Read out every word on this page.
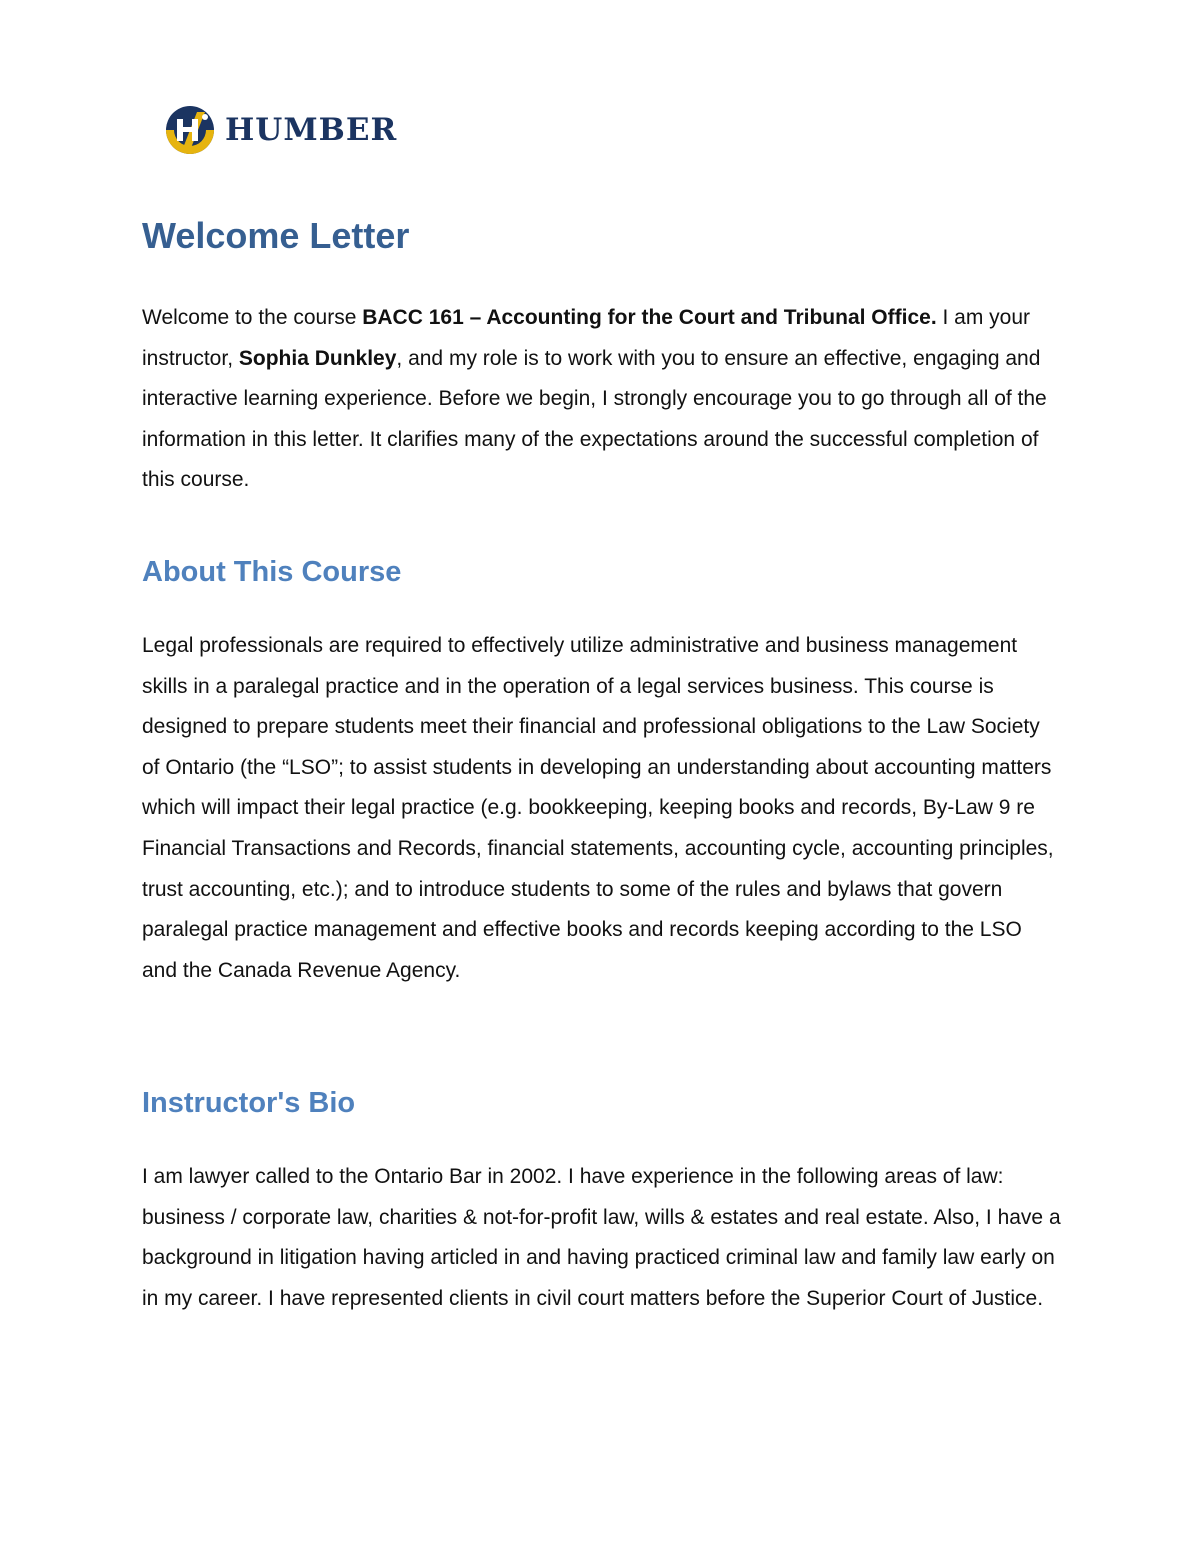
HUMBER
Welcome Letter

Welcome to the course BACC 161 – Accounting for the Court and Tribunal Office. I am your instructor, Sophia Dunkley, and my role is to work with you to ensure an effective, engaging and interactive learning experience. Before we begin, I strongly encourage you to go through all of the information in this letter. It clarifies many of the expectations around the successful completion of this course.

About This Course

Legal professionals are required to effectively utilize administrative and business management skills in a paralegal practice and in the operation of a legal services business. This course is designed to prepare students meet their financial and professional obligations to the Law Society of Ontario (the “LSO”; to assist students in developing an understanding about accounting matters which will impact their legal practice (e.g. bookkeeping, keeping books and records, By-Law 9 re Financial Transactions and Records, financial statements, accounting cycle, accounting principles, trust accounting, etc.); and to introduce students to some of the rules and bylaws that govern paralegal practice management and effective books and records keeping according to the LSO and the Canada Revenue Agency.

Instructor's Bio

I am lawyer called to the Ontario Bar in 2002. I have experience in the following areas of law: business / corporate law, charities & not-for-profit law, wills & estates and real estate. Also, I have a background in litigation having articled in and having practiced criminal law and family law early on in my career. I have represented clients in civil court matters before the Superior Court of Justice.
